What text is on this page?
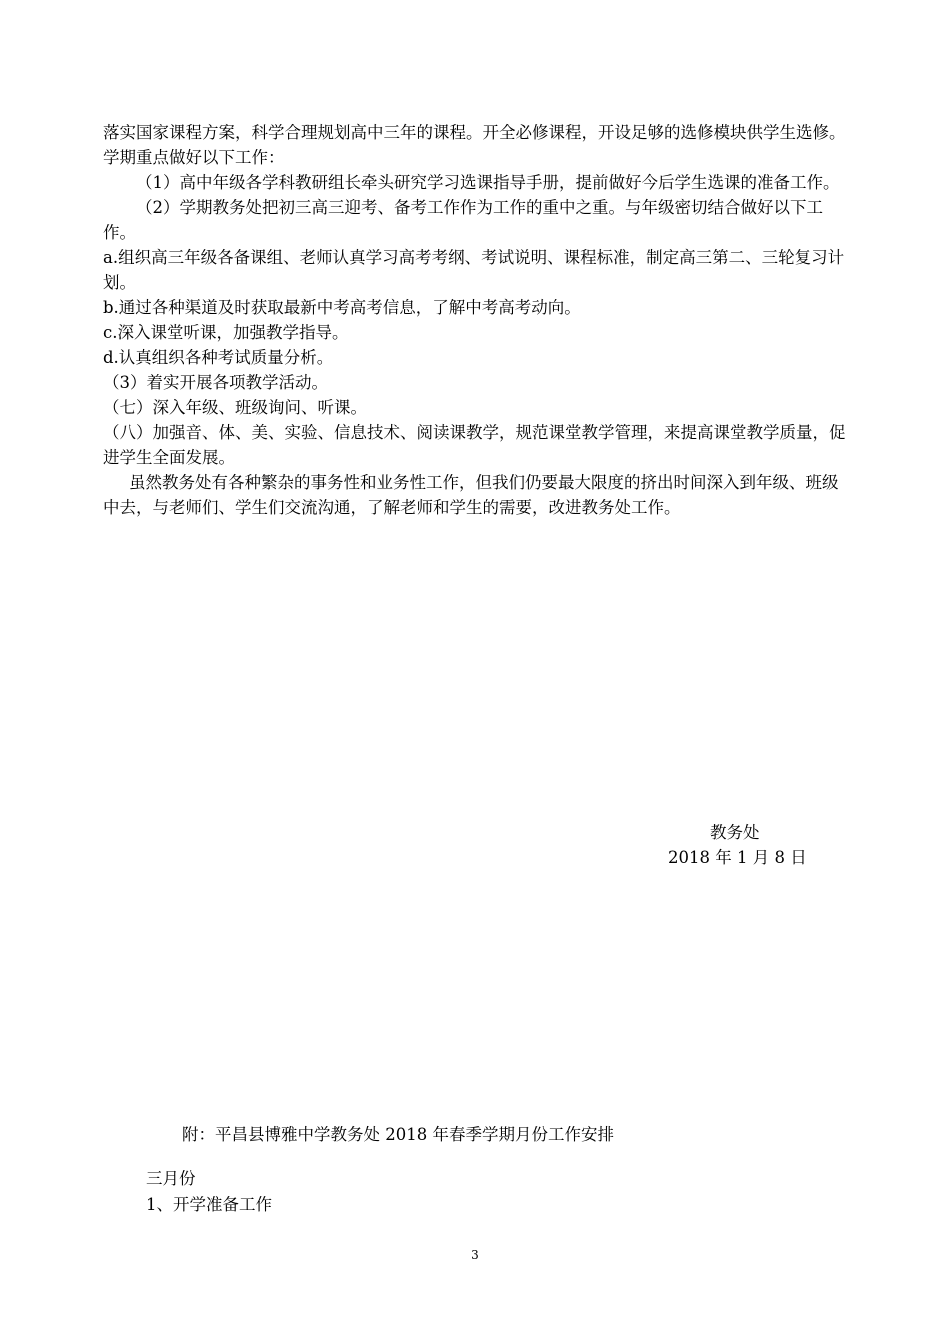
落实国家课程方案，科学合理规划高中三年的课程。开全必修课程，开设足够的选修模块供学生选修。

学期重点做好以下工作：

（1）高中年级各学科教研组长牵头研究学习选课指导手册，提前做好今后学生选课的准备工作。

（2）学期教务处把初三高三迎考、备考工作作为工作的重中之重。与年级密切结合做好以下工作。

a.组织高三年级各备课组、老师认真学习高考考纲、考试说明、课程标准，制定高三第二、三轮复习计划。

b.通过各种渠道及时获取最新中考高考信息，了解中考高考动向。

c.深入课堂听课，加强教学指导。

d.认真组织各种考试质量分析。

（3）着实开展各项教学活动。

（七）深入年级、班级询问、听课。

（八）加强音、体、美、实验、信息技术、阅读课教学，规范课堂教学管理，来提高课堂教学质量，促进学生全面发展。

虽然教务处有各种繁杂的事务性和业务性工作，但我们仍要最大限度的挤出时间深入到年级、班级中去，与老师们、学生们交流沟通，了解老师和学生的需要，改进教务处工作。

教务处

2018 年 1 月 8 日

附：平昌县博雅中学教务处 2018 年春季学期月份工作安排

三月份

1、开学准备工作

3
